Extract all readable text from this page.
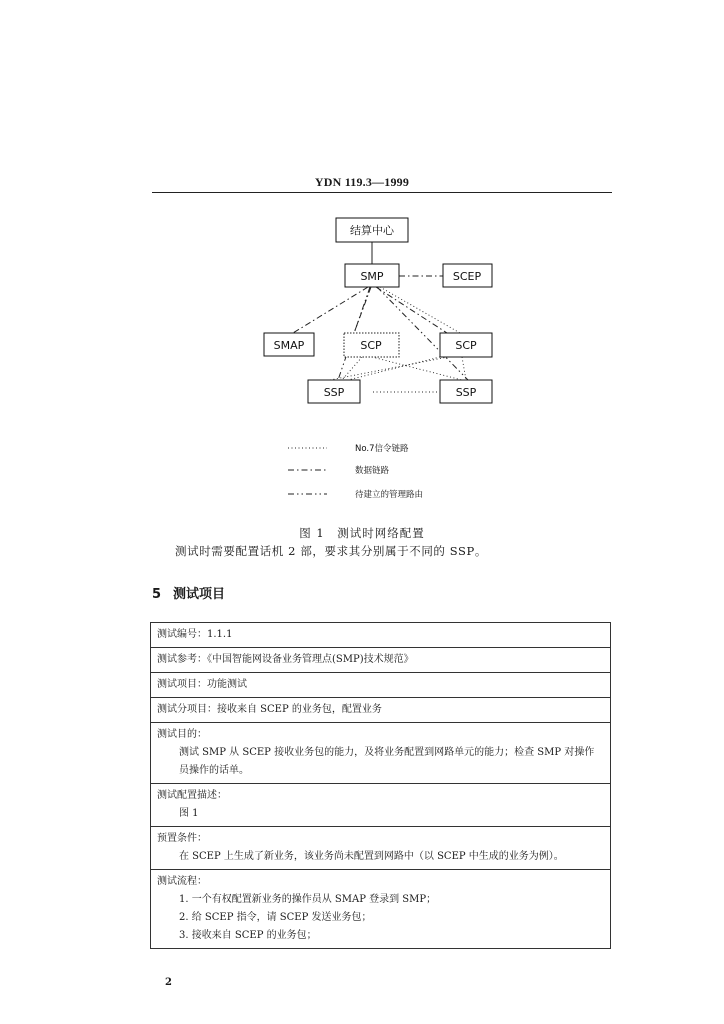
YDN 119.3—1999
结算中心
SMP	SCEP
SMAP	SCP	SCP
SSP	SSP
No.7信令链路
数据链路
待建立的管理路由
图 1　测试时网络配置
测试时需要配置话机 2 部，要求其分别属于不同的 SSP。
5 测试项目
测试编号：1.1.1
测试参考：《中国智能网设备业务管理点(SMP)技术规范》
测试项目：功能测试
测试分项目：接收来自 SCEP 的业务包，配置业务

测试目的：
测试 SMP 从 SCEP 接收业务包的能力，及将业务配置到网路单元的能力；检查 SMP 对操作员操作的话单。

测试配置描述：
图 1

预置条件：
在 SCEP 上生成了新业务，该业务尚未配置到网路中（以 SCEP 中生成的业务为例）。

测试流程：
1. 一个有权配置新业务的操作员从 SMAP 登录到 SMP；
2. 给 SCEP 指令，请 SCEP 发送业务包；
3. 接收来自 SCEP 的业务包；
2
